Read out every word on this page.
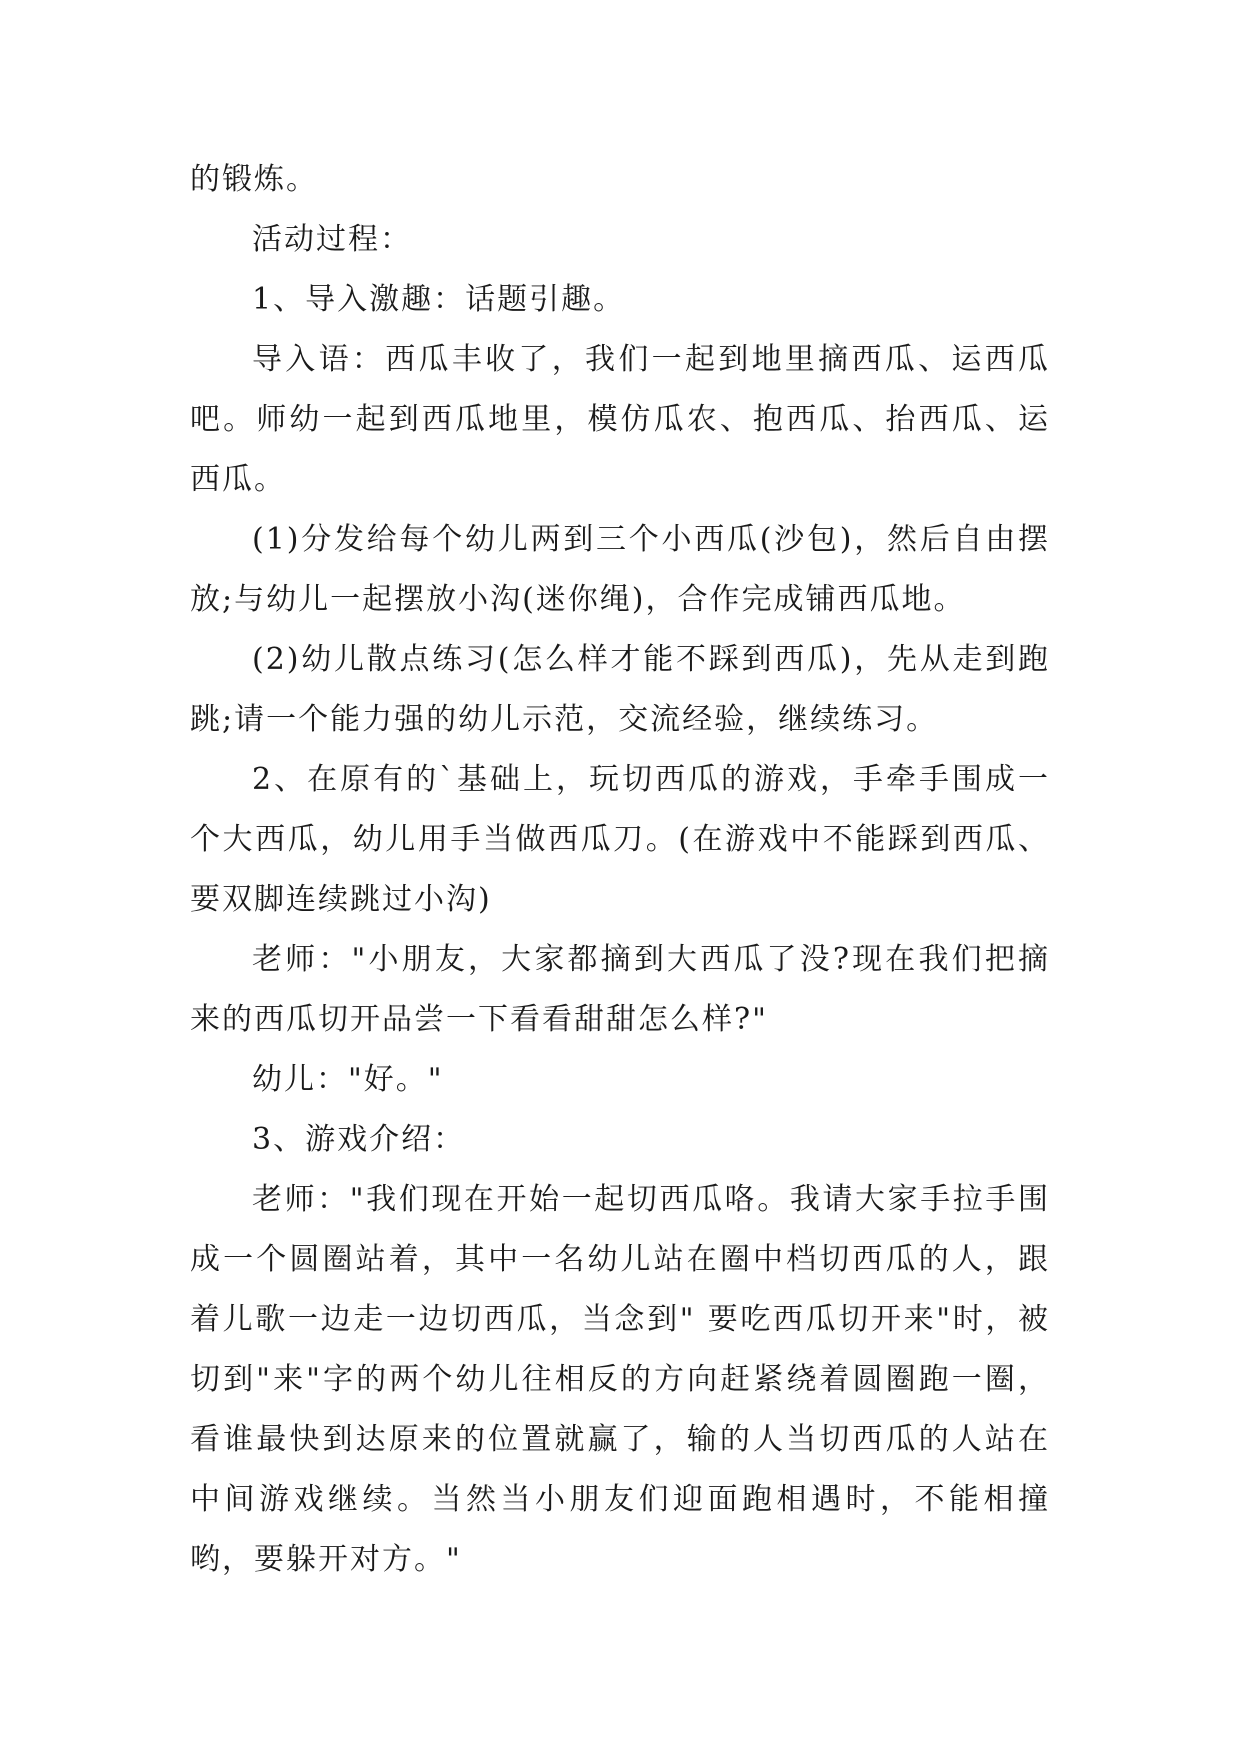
的锻炼。

活动过程：

1、导入激趣：话题引趣。

导入语：西瓜丰收了，我们一起到地里摘西瓜、运西瓜吧。师幼一起到西瓜地里，模仿瓜农、抱西瓜、抬西瓜、运西瓜。

(1)分发给每个幼儿两到三个小西瓜(沙包)，然后自由摆放;与幼儿一起摆放小沟(迷你绳)，合作完成铺西瓜地。

(2)幼儿散点练习(怎么样才能不踩到西瓜)，先从走到跑跳;请一个能力强的幼儿示范，交流经验，继续练习。

2、在原有的`基础上，玩切西瓜的游戏，手牵手围成一个大西瓜，幼儿用手当做西瓜刀。(在游戏中不能踩到西瓜、要双脚连续跳过小沟)

老师："小朋友，大家都摘到大西瓜了没?现在我们把摘来的西瓜切开品尝一下看看甜甜怎么样?"

幼儿："好。"

3、游戏介绍：

老师："我们现在开始一起切西瓜咯。我请大家手拉手围成一个圆圈站着，其中一名幼儿站在圈中档切西瓜的人，跟着儿歌一边走一边切西瓜，当念到" 要吃西瓜切开来"时，被切到"来"字的两个幼儿往相反的方向赶紧绕着圆圈跑一圈，看谁最快到达原来的位置就赢了，输的人当切西瓜的人站在中间游戏继续。当然当小朋友们迎面跑相遇时，不能相撞哟，要躲开对方。"
